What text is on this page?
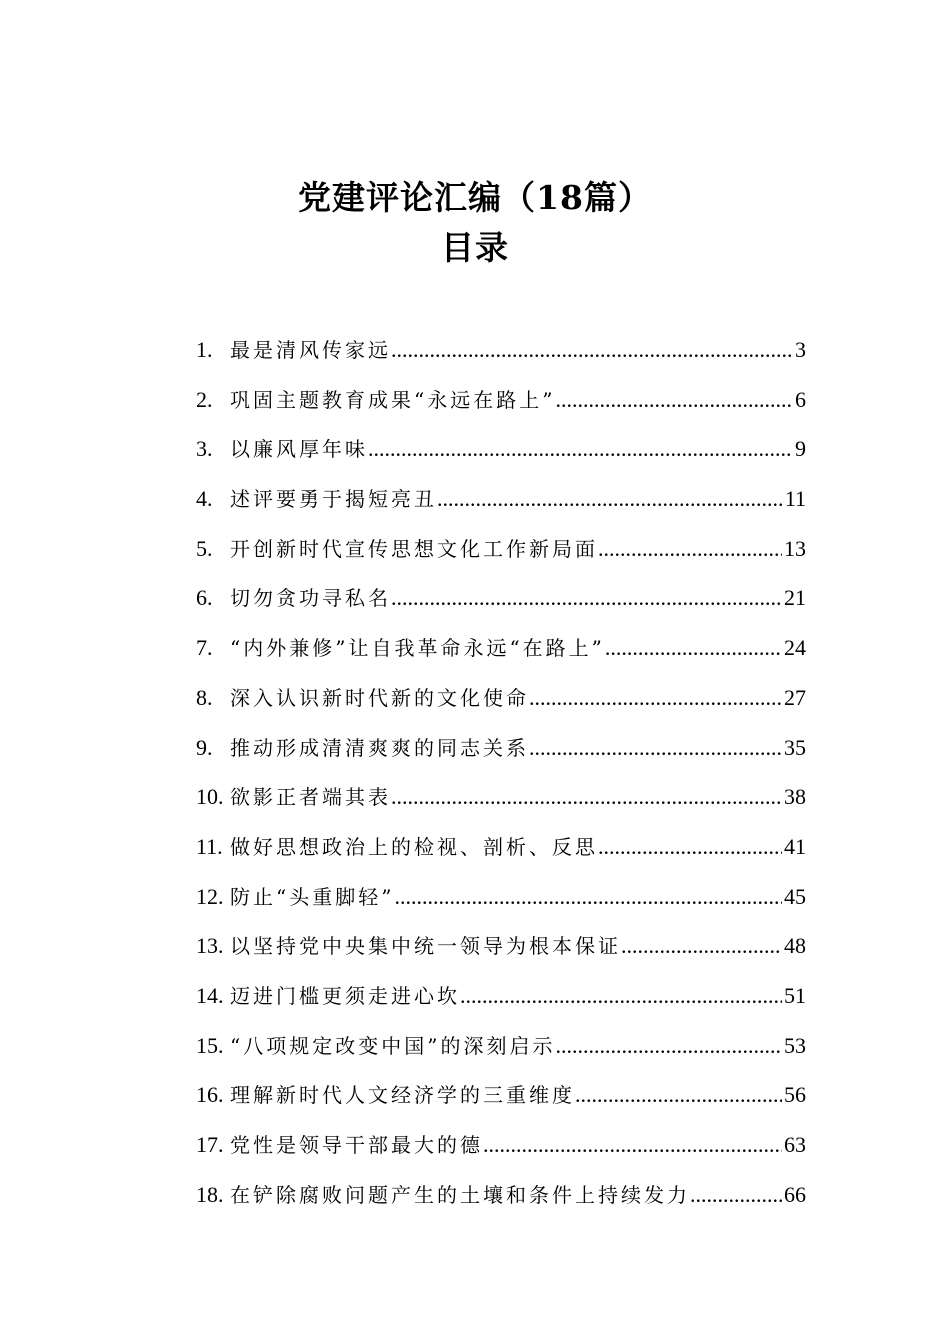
党建评论汇编（18篇）
目录
1. 最是清风传家远 .....	3
2. 巩固主题教育成果“永远在路上” .....	6
3. 以廉风厚年味 .....	9
4. 述评要勇于揭短亮丑 .....	11
5. 开创新时代宣传思想文化工作新局面 .....	13
6. 切勿贪功寻私名 .....	21
7. “内外兼修”让自我革命永远“在路上” .....	24
8. 深入认识新时代新的文化使命 .....	27
9. 推动形成清清爽爽的同志关系 .....	35
10. 欲影正者端其表 .....	38
11. 做好思想政治上的检视、剖析、反思 .....	41
12. 防止“头重脚轻” .....	45
13. 以坚持党中央集中统一领导为根本保证 .....	48
14. 迈进门槛更须走进心坎 .....	51
15. “八项规定改变中国”的深刻启示 .....	53
16. 理解新时代人文经济学的三重维度 .....	56
17. 党性是领导干部最大的德 .....	63
18. 在铲除腐败问题产生的土壤和条件上持续发力 .....	66
